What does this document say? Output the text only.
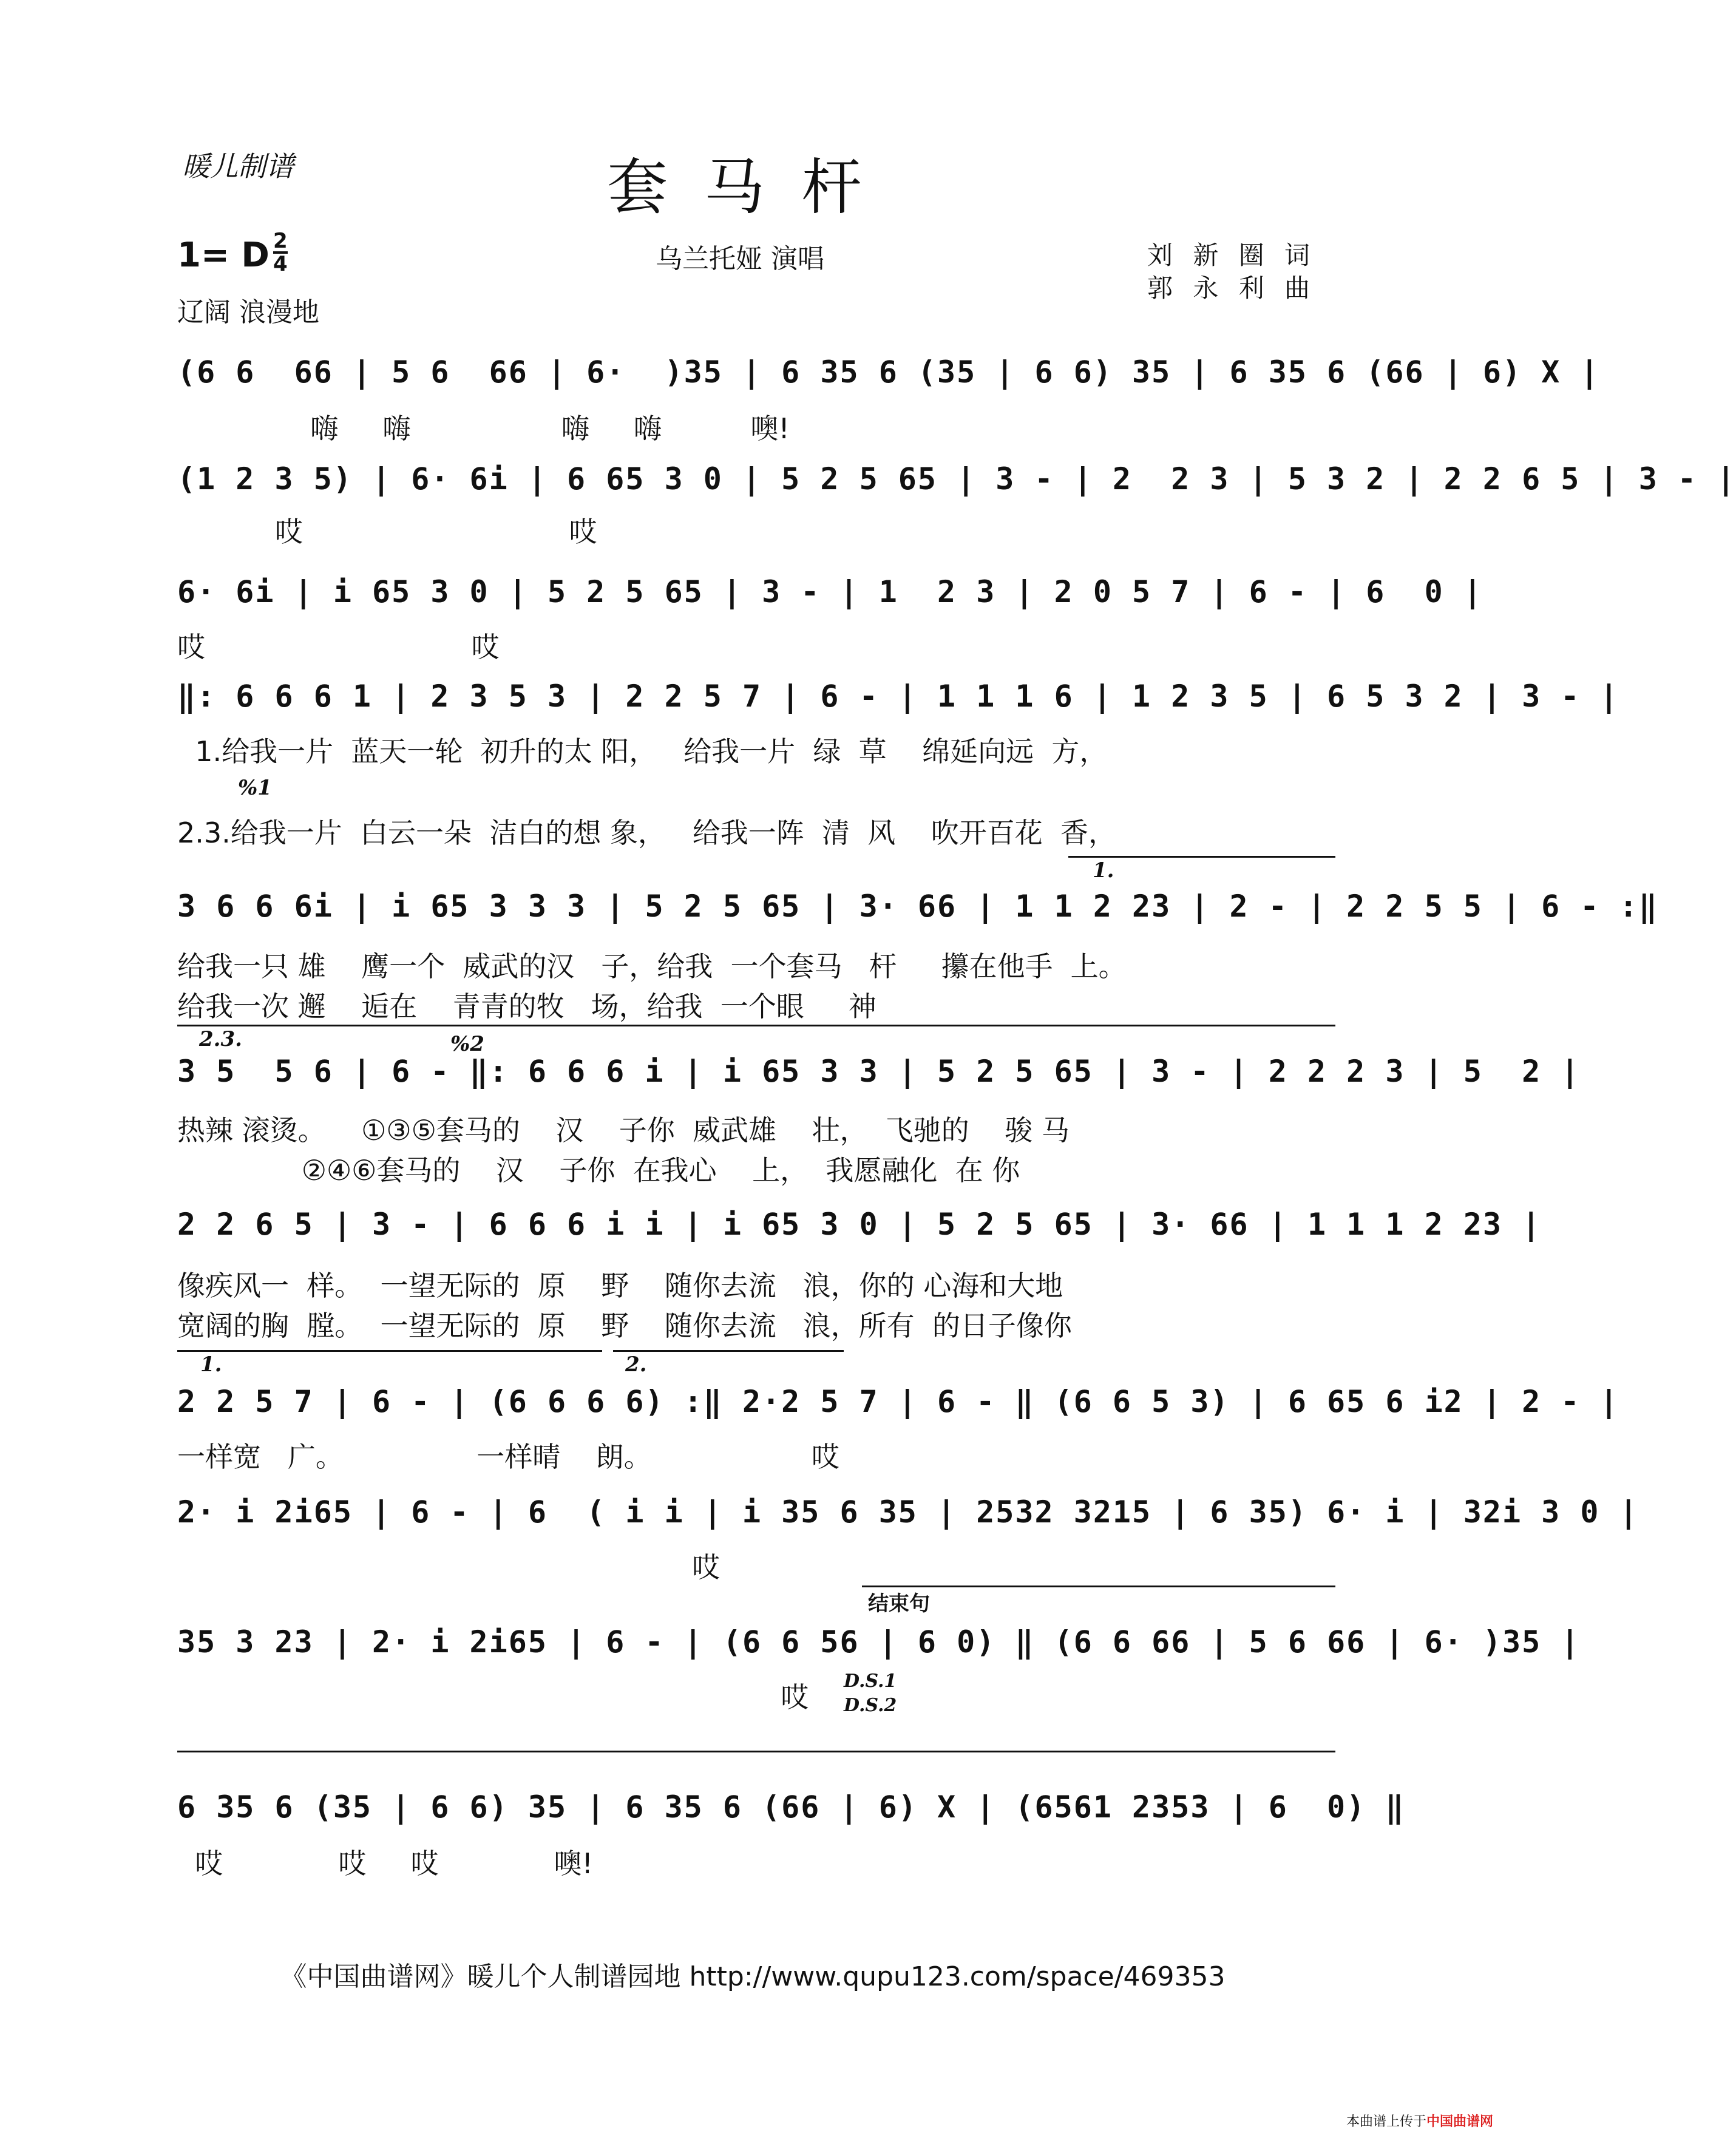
暖儿制谱	套马杆
1= D $\frac{2}{4}$	乌兰托娅 演唱	刘 新 圈 词
郭 永 利 曲
辽阔 浪漫地
(6 6  66 | 5 6  66 | 6·  )35 | 6 35 6 (35 | 6 6) 35 | 6 35 6 (66 | 6) X |
嗨     嗨                 嗨     嗨          噢!
(1 2 3 5) | 6· 6i | 6 65 3 0 | 5 2 5 65 | 3 - | 2  2 3 | 5 3 2 | 2 2 6 5 | 3 - |
哎                              哎
6· 6i | i 65 3 0 | 5 2 5 65 | 3 - | 1  2 3 | 2 0 5 7 | 6 - | 6  0 |
哎                              哎
‖: 6 6 6 1 | 2 3 5 3 | 2 2 5 7 | 6 - | 1 1 1 6 | 1 2 3 5 | 6 5 3 2 | 3 - |
1.给我一片  蓝天一轮  初升的太 阳，   给我一片  绿  草    绵延向远  方，
%1
2.3.给我一片  白云一朵  洁白的想 象，   给我一阵  清  风    吹开百花  香，
1.
3 6 6 6i | i 65 3 3 3 | 5 2 5 65 | 3· 66 | 1 1 2 23 | 2 - | 2 2 5 5 | 6 - :‖
给我一只 雄    鹰一个  威武的汉   子，给我  一个套马   杆     攥在他手  上。
给我一次 邂    逅在    青青的牧   场，给我  一个眼     神
2.3.	%2
3 5  5 6 | 6 - ‖: 6 6 6 i | i 65 3 3 | 5 2 5 65 | 3 - | 2 2 2 3 | 5  2 |
热辣 滚烫。    ①③⑤套马的    汉    子你  威武雄    壮，  飞驰的    骏 马
②④⑥套马的    汉    子你  在我心    上，  我愿融化  在 你
2 2 6 5 | 3 - | 6 6 6 i i | i 65 3 0 | 5 2 5 65 | 3· 66 | 1 1 1 2 23 |
像疾风一  样。  一望无际的  原    野    随你去流   浪，你的 心海和大地
宽阔的胸  膛。  一望无际的  原    野    随你去流   浪，所有  的日子像你
1.	2.
2 2 5 7 | 6 - | (6 6 6 6) :‖ 2·2 5 7 | 6 - ‖ (6 6 5 3) | 6 65 6 i2 | 2 - |
一样宽   广。               一样晴    朗。                  哎
2· i 2i65 | 6 - | 6  ( i i | i 35 6 35 | 2532 3215 | 6 35) 6· i | 32i 3 0 |
哎
结束句
35 3 23 | 2· i 2i65 | 6 - | (6 6 56 | 6 0) ‖ (6 6 66 | 5 6 66 | 6· )35 |
D.S.1
D.S.2
哎
6 35 6 (35 | 6 6) 35 | 6 35 6 (66 | 6) X | (6561 2353 | 6  0) ‖
哎             哎     哎             噢!
《中国曲谱网》暖儿个人制谱园地 http://www.qupu123.com/space/469353
本曲谱上传于中国曲谱网
